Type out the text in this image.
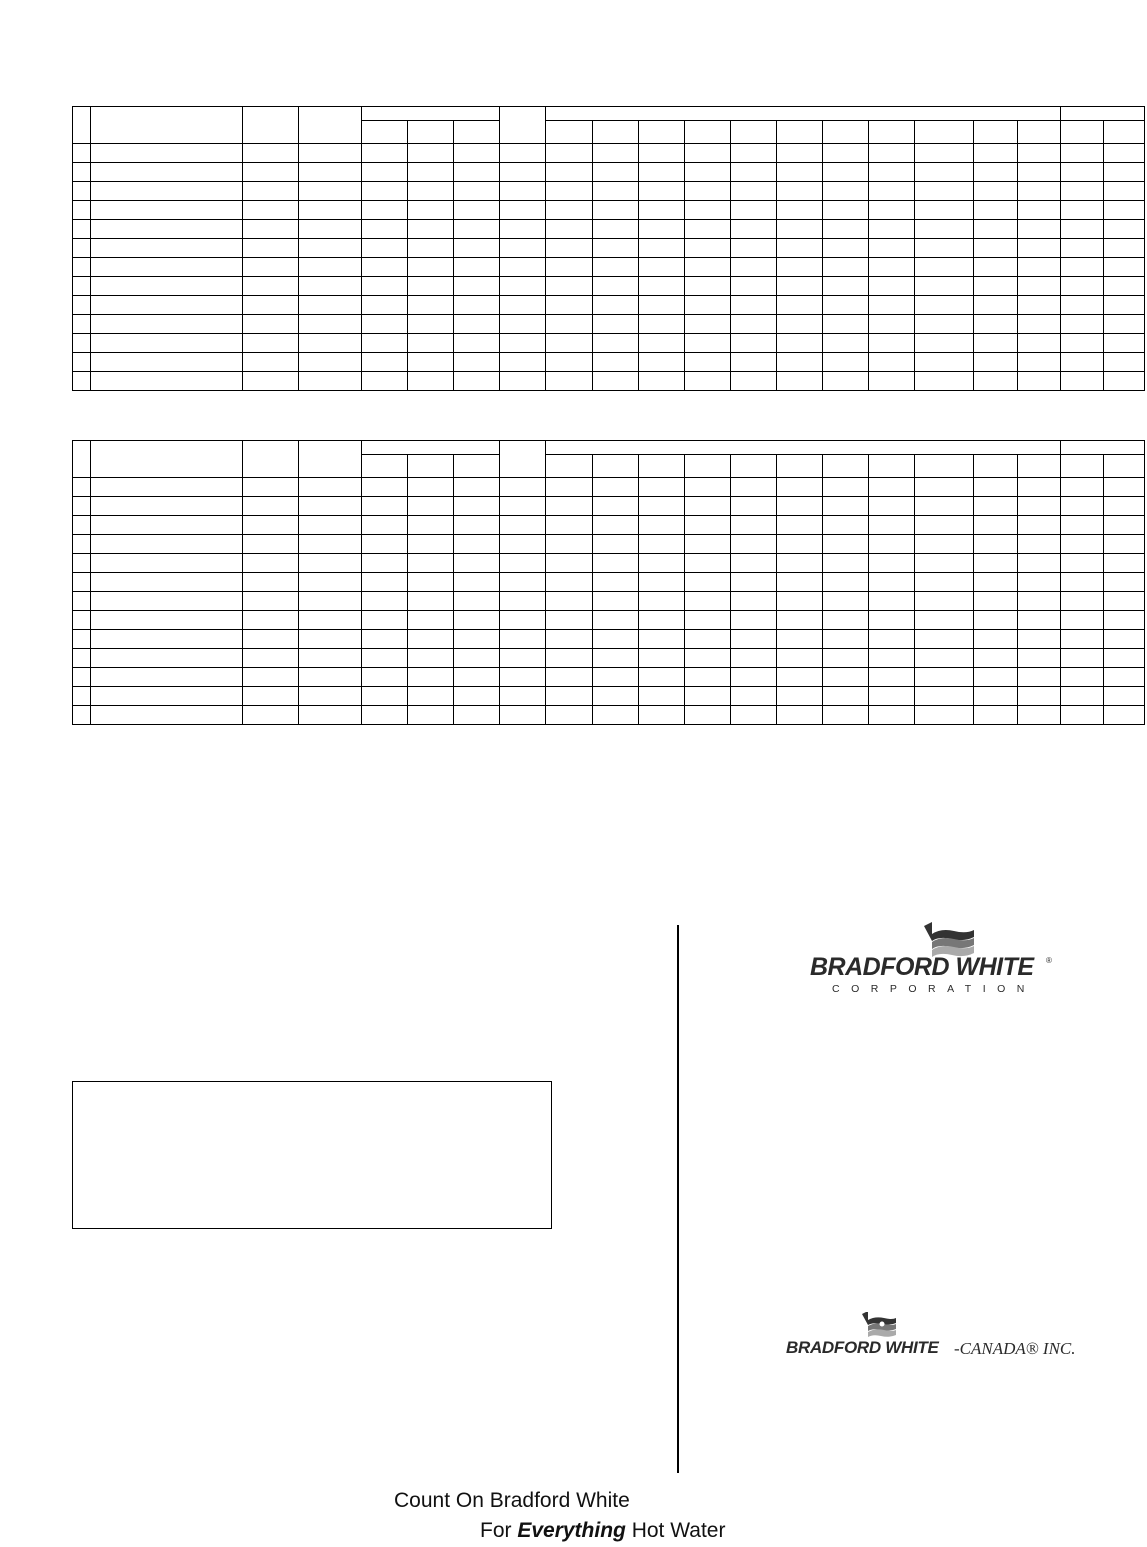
BRADFORD WHITE ®
CORPORATION
BRADFORD WHITE -CANADA® INC.
Count On Bradford White
For Everything Hot Water
